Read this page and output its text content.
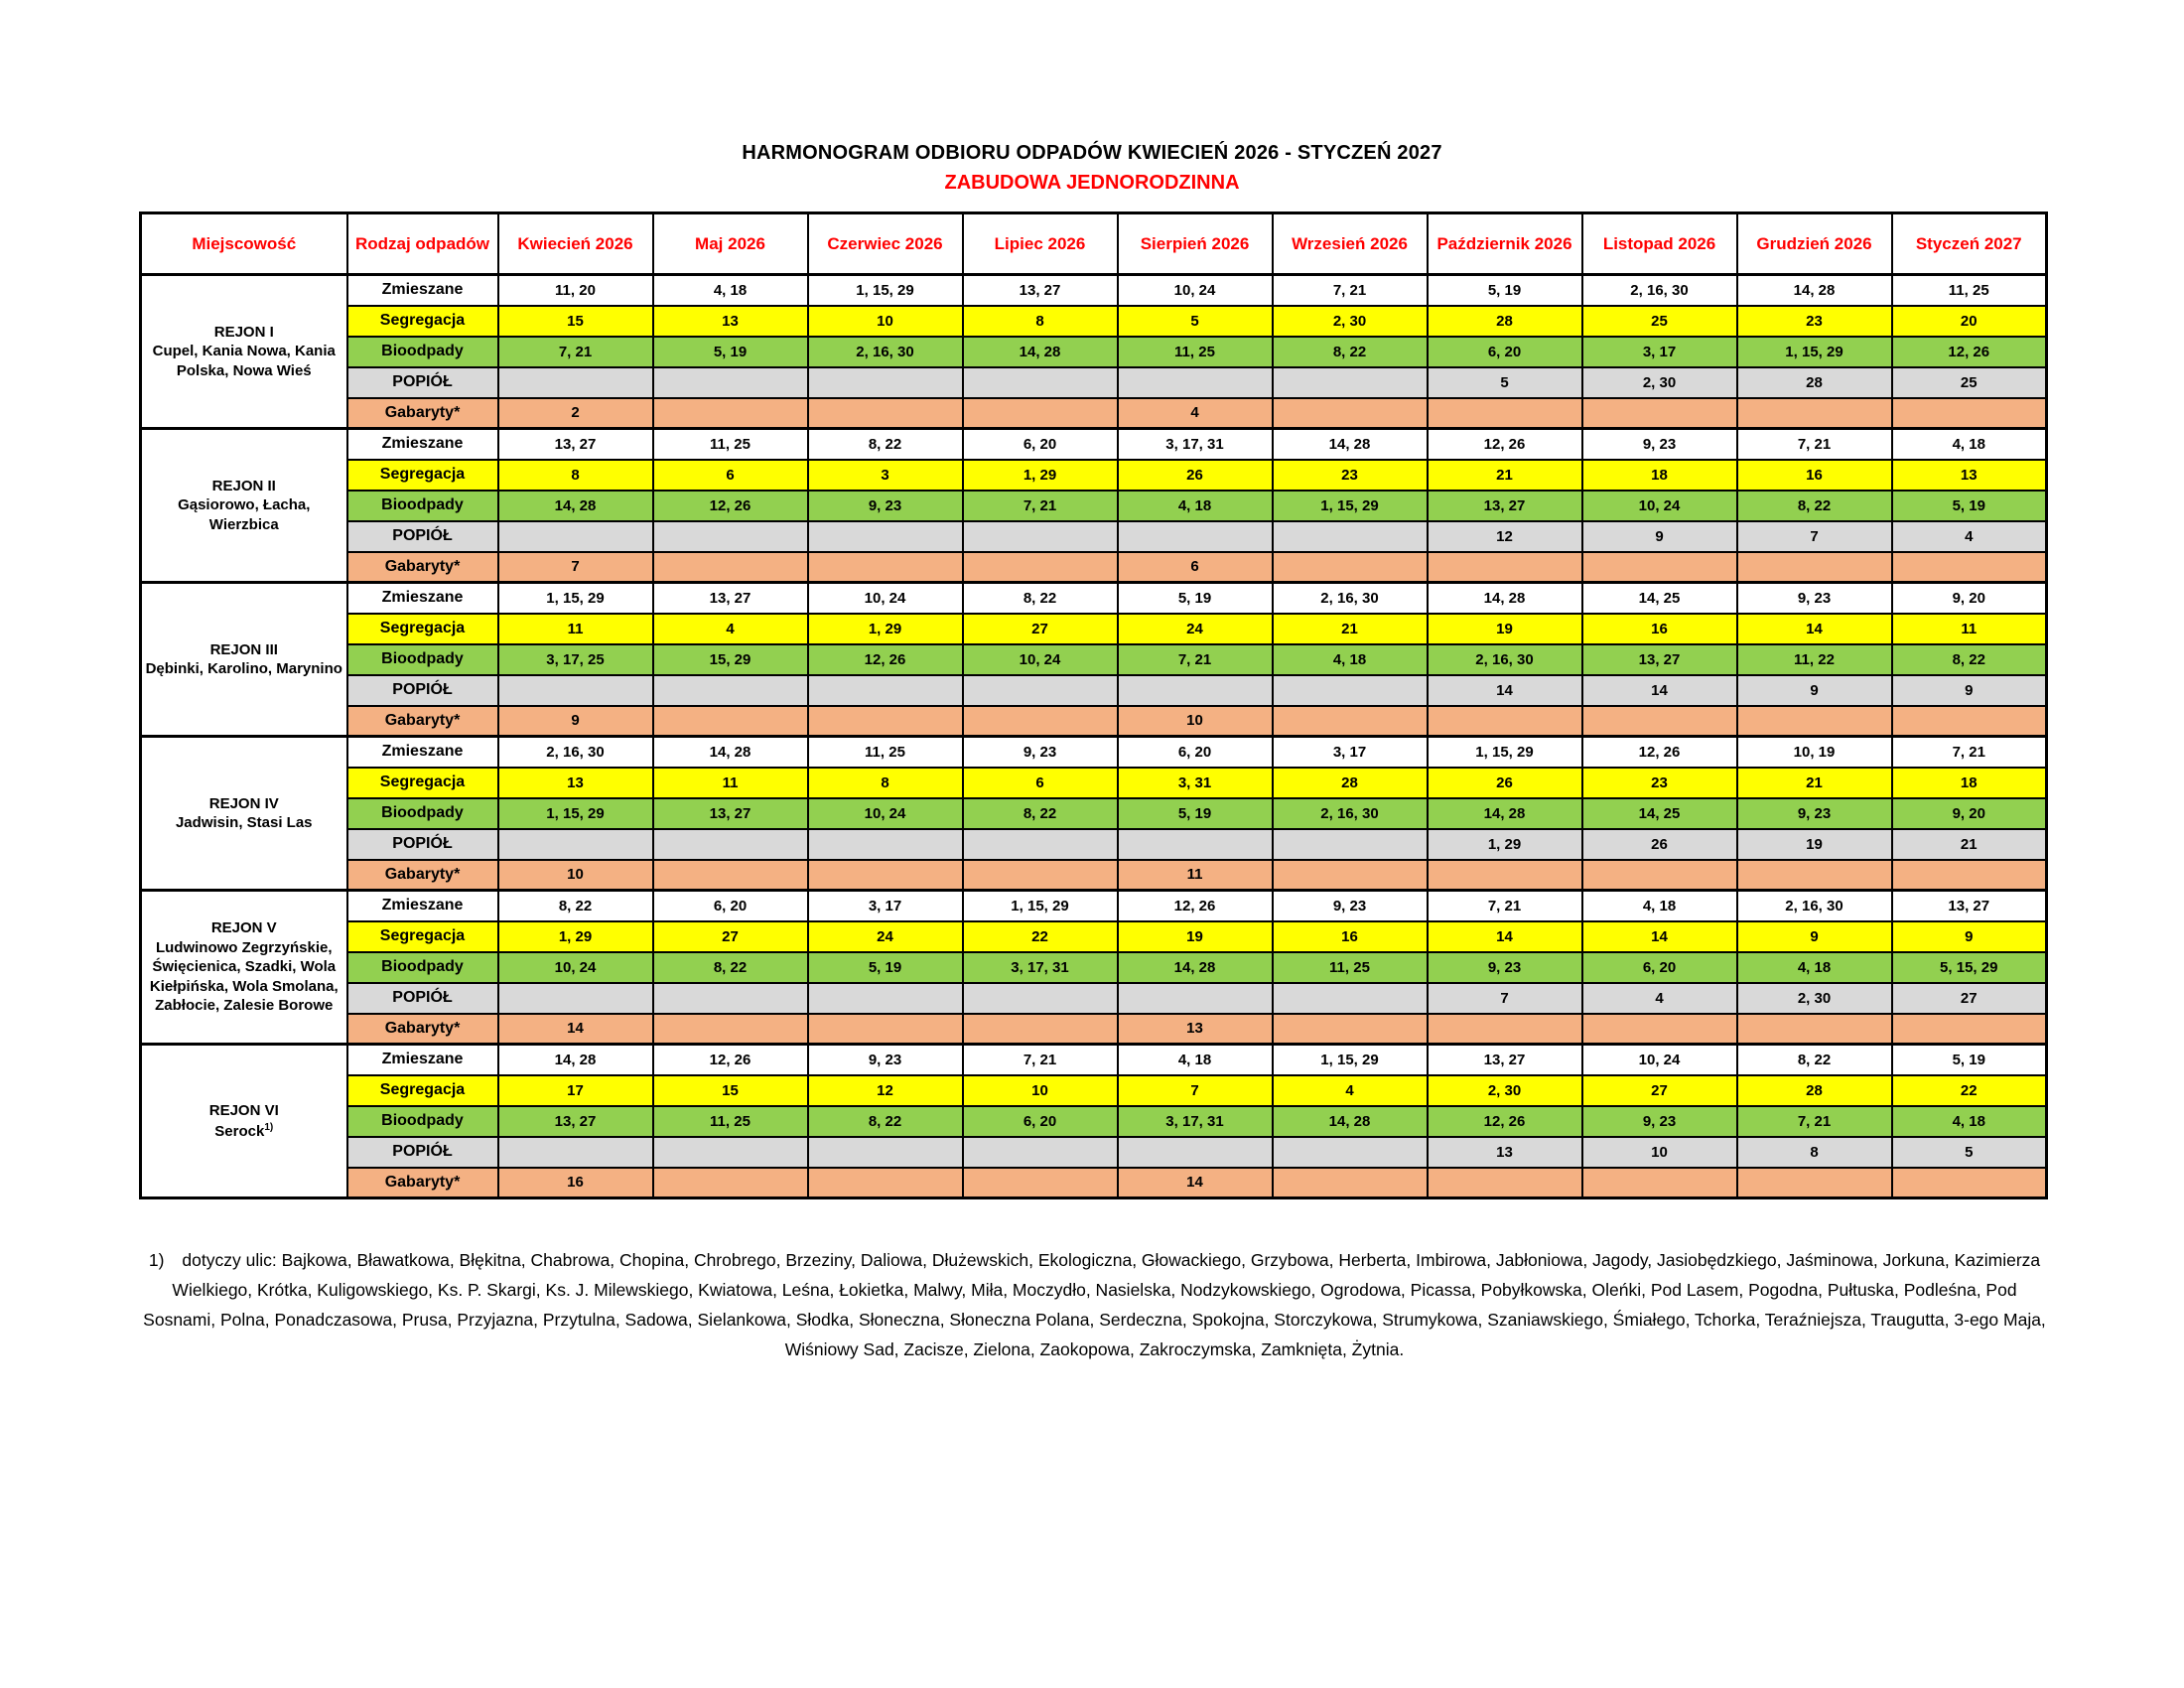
HARMONOGRAM ODBIORU ODPADÓW KWIECIEŃ 2026 - STYCZEŃ 2027
ZABUDOWA JEDNORODZINNA
Miejscowość	Rodzaj odpadów	Kwiecień 2026	Maj 2026	Czerwiec 2026	Lipiec 2026	Sierpień 2026	Wrzesień 2026	Październik 2026	Listopad 2026	Grudzień 2026	Styczeń 2027

REJON I
Cupel, Kania Nowa, Kania Polska, Nowa Wieś	Zmieszane	11, 20	4, 18	1, 15, 29	13, 27	10, 24	7, 21	5, 19	2, 16, 30	14, 28	11, 25
	Segregacja	15	13	10	8	5	2, 30	28	25	23	20
	Bioodpady	7, 21	5, 19	2, 16, 30	14, 28	11, 25	8, 22	6, 20	3, 17	1, 15, 29	12, 26
	POPIÓŁ							5	2, 30	28	25
	Gabaryty*	2				4					

REJON II
Gąsiorowo, Łacha, Wierzbica	Zmieszane	13, 27	11, 25	8, 22	6, 20	3, 17, 31	14, 28	12, 26	9, 23	7, 21	4, 18
	Segregacja	8	6	3	1, 29	26	23	21	18	16	13
	Bioodpady	14, 28	12, 26	9, 23	7, 21	4, 18	1, 15, 29	13, 27	10, 24	8, 22	5, 19
	POPIÓŁ							12	9	7	4
	Gabaryty*	7				6					

REJON III
Dębinki, Karolino, Marynino	Zmieszane	1, 15, 29	13, 27	10, 24	8, 22	5, 19	2, 16, 30	14, 28	14, 25	9, 23	9, 20
	Segregacja	11	4	1, 29	27	24	21	19	16	14	11
	Bioodpady	3, 17, 25	15, 29	12, 26	10, 24	7, 21	4, 18	2, 16, 30	13, 27	11, 22	8, 22
	POPIÓŁ							14	14	9	9
	Gabaryty*	9				10					

REJON IV
Jadwisin, Stasi Las	Zmieszane	2, 16, 30	14, 28	11, 25	9, 23	6, 20	3, 17	1, 15, 29	12, 26	10, 19	7, 21
	Segregacja	13	11	8	6	3, 31	28	26	23	21	18
	Bioodpady	1, 15, 29	13, 27	10, 24	8, 22	5, 19	2, 16, 30	14, 28	14, 25	9, 23	9, 20
	POPIÓŁ							1, 29	26	19	21
	Gabaryty*	10				11					

REJON V
Ludwinowo Zegrzyńskie, Święcienica, Szadki, Wola Kiełpińska, Wola Smolana, Zabłocie, Zalesie Borowe	Zmieszane	8, 22	6, 20	3, 17	1, 15, 29	12, 26	9, 23	7, 21	4, 18	2, 16, 30	13, 27
	Segregacja	1, 29	27	24	22	19	16	14	14	9	9
	Bioodpady	10, 24	8, 22	5, 19	3, 17, 31	14, 28	11, 25	9, 23	6, 20	4, 18	5, 15, 29
	POPIÓŁ							7	4	2, 30	27
	Gabaryty*	14				13					

REJON VI
Serock$^{1)}$	Zmieszane	14, 28	12, 26	9, 23	7, 21	4, 18	1, 15, 29	13, 27	10, 24	8, 22	5, 19
	Segregacja	17	15	12	10	7	4	2, 30	27	28	22
	Bioodpady	13, 27	11, 25	8, 22	6, 20	3, 17, 31	14, 28	12, 26	9, 23	7, 21	4, 18
	POPIÓŁ							13	10	8	5
	Gabaryty*	16				14					
1) dotyczy ulic: Bajkowa, Bławatkowa, Błękitna, Chabrowa, Chopina, Chrobrego, Brzeziny, Daliowa, Dłużewskich, Ekologiczna, Głowackiego, Grzybowa, Herberta, Imbirowa, Jabłoniowa, Jagody, Jasiobędzkiego, Jaśminowa, Jorkuna, Kazimierza Wielkiego, Krótka, Kuligowskiego, Ks. P. Skargi, Ks. J. Milewskiego, Kwiatowa, Leśna, Łokietka, Malwy, Miła, Moczydło, Nasielska, Nodzykowskiego, Ogrodowa, Picassa, Pobyłkowska, Oleńki, Pod Lasem, Pogodna, Pułtuska, Podleśna, Pod Sosnami, Polna, Ponadczasowa, Prusa, Przyjazna, Przytulna, Sadowa, Sielankowa, Słodka, Słoneczna, Słoneczna Polana, Serdeczna, Spokojna, Storczykowa, Strumykowa, Szaniawskiego, Śmiałego, Tchorka, Teraźniejsza, Traugutta, 3-ego Maja, Wiśniowy Sad, Zacisze, Zielona, Zaokopowa, Zakroczymska, Zamknięta, Żytnia.
